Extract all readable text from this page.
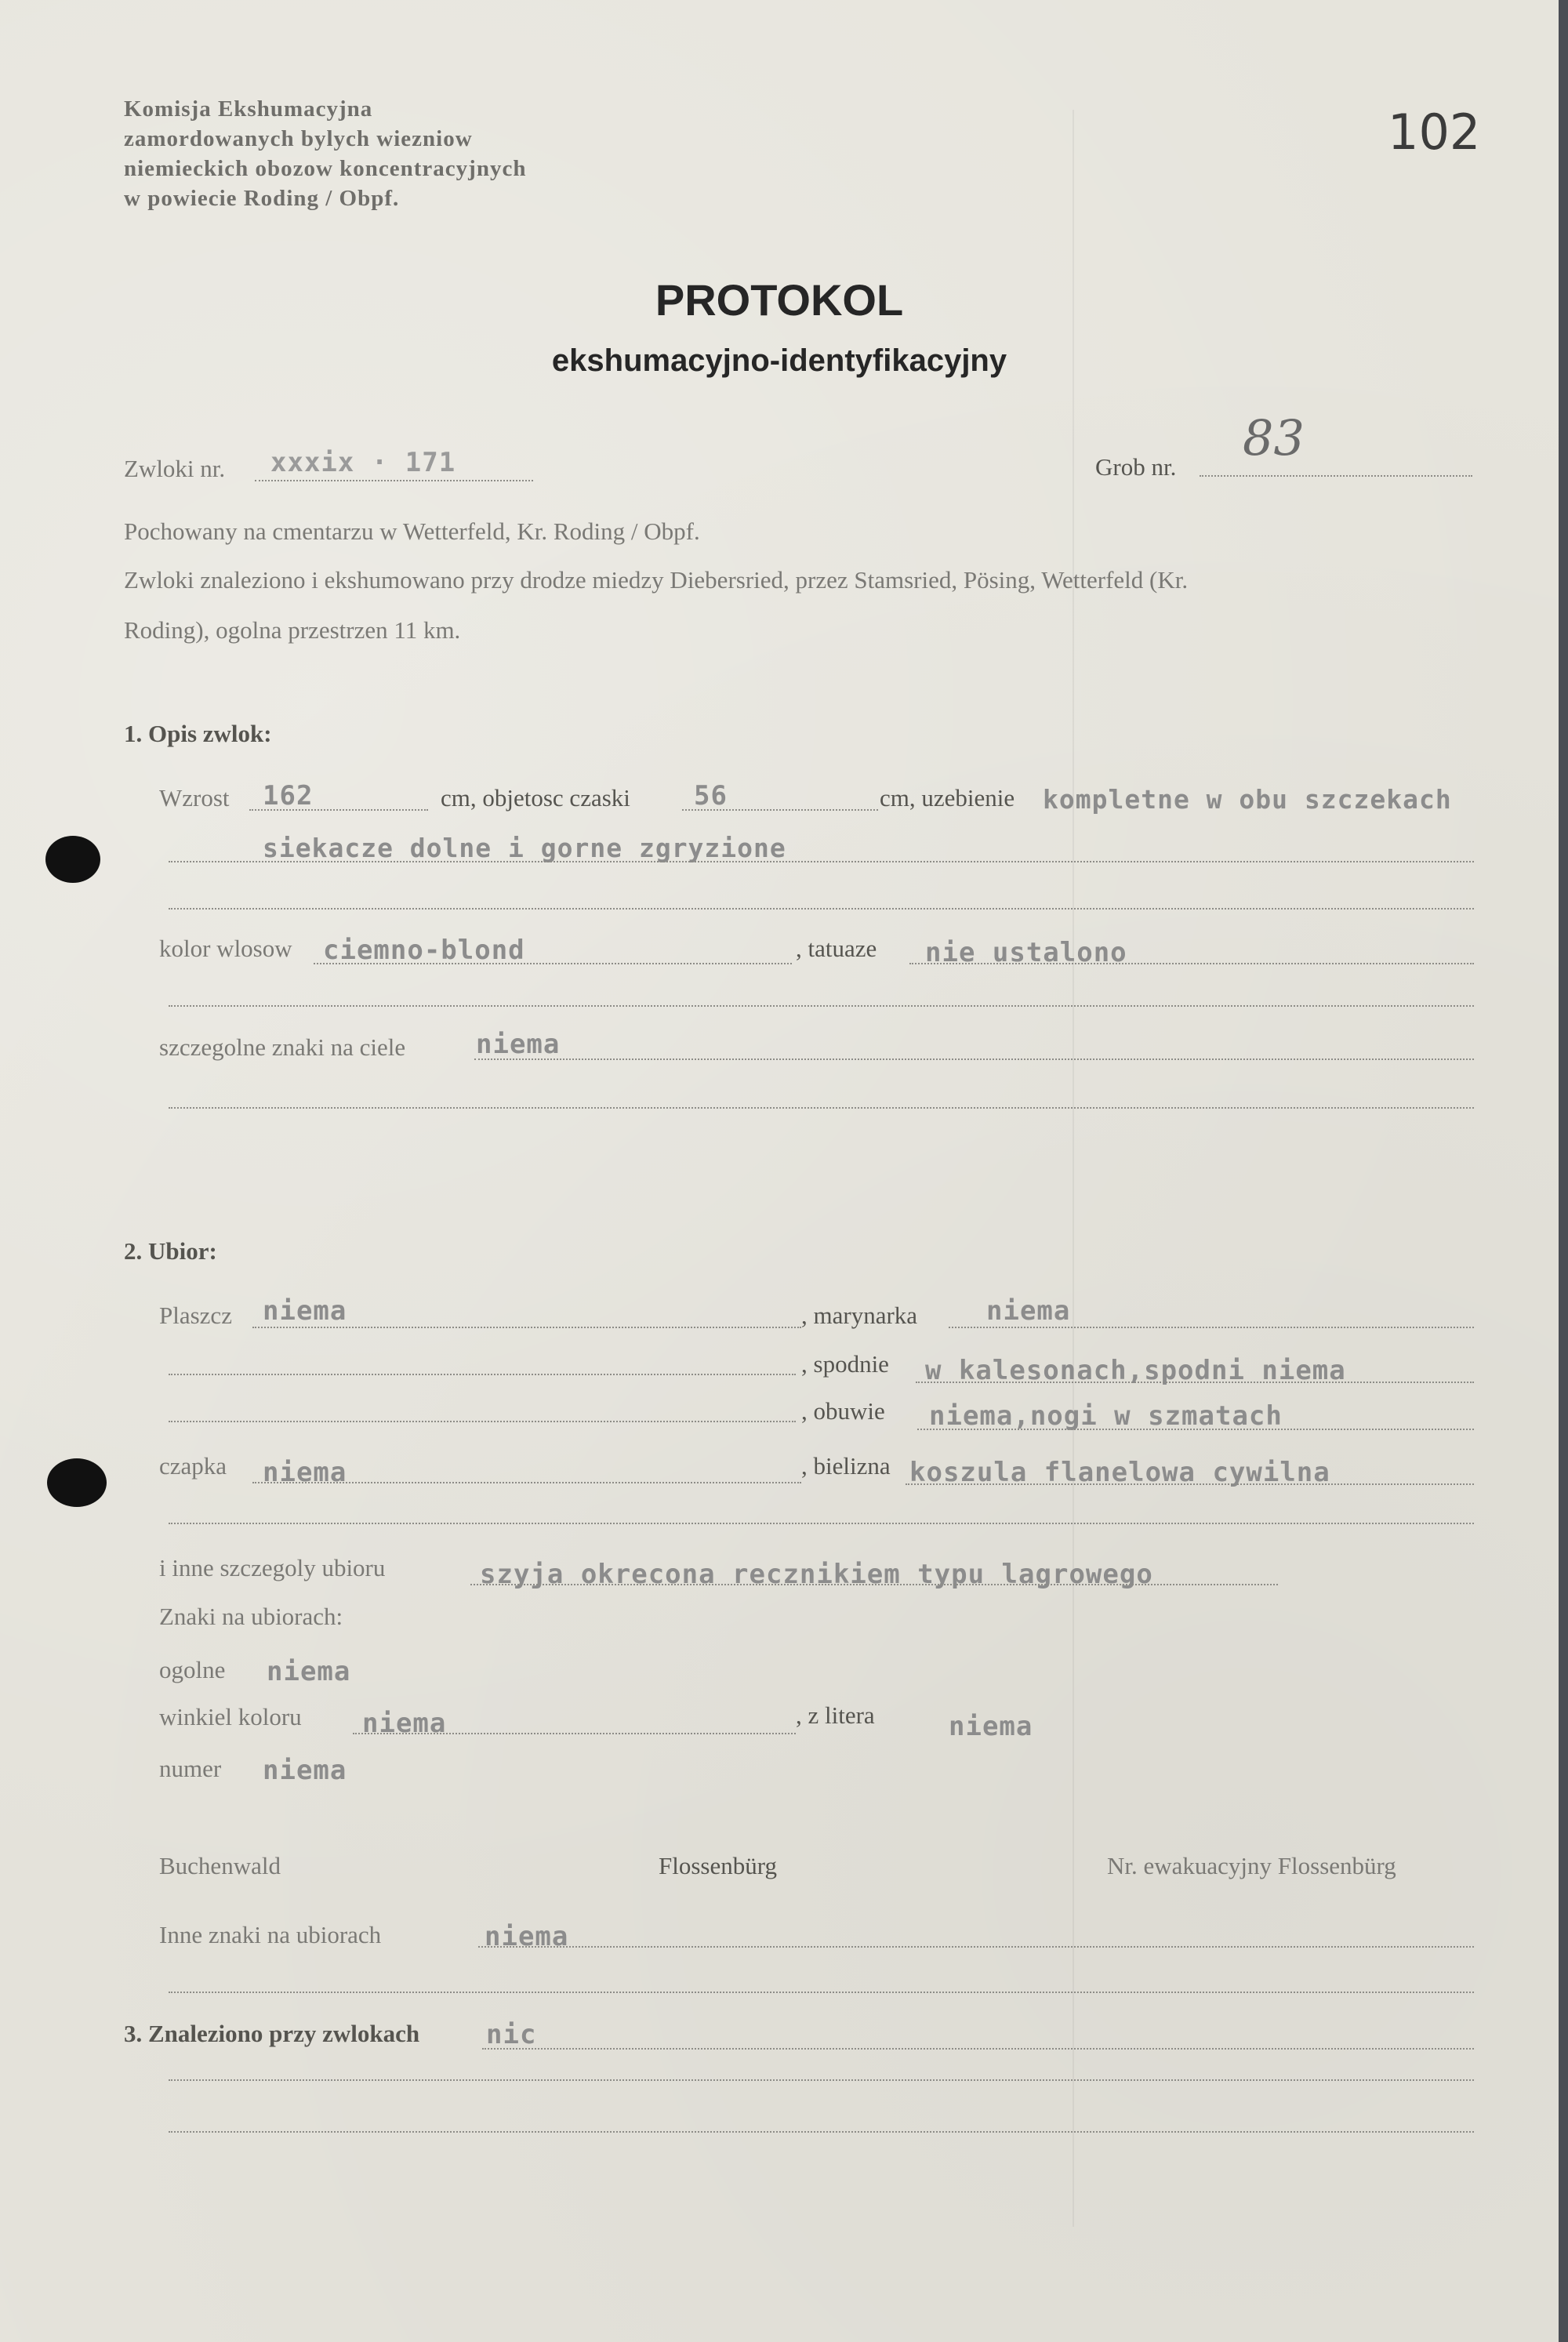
Komisja Ekshumacyjna
zamordowanych bylych wiezniow
niemieckich obozow koncentracyjnych
w powiecie Roding / Obpf.
102
PROTOKOL
ekshumacyjno-identyfikacyjny
Zwloki nr. xxxix · 171	Grob nr.
83
Pochowany na cmentarzu w Wetterfeld, Kr. Roding / Obpf.
Zwloki znaleziono i ekshumowano przy drodze miedzy Diebersried, przez Stamsried, Pösing, Wetterfeld (Kr.
Roding), ogolna przestrzen 11 km.
1. Opis zwlok:
Wzrost 162	cm, objetosc czaski 56	cm, uzebienie kompletne w obu szczekach
siekacze dolne i gorne zgryzione
kolor wlosow ciemno-blond	, tatuaze nie ustalono
szczegolne znaki na ciele	niema
2. Ubior:
Plaszcz niema	, marynarka	niema
, spodnie w kalesonach,spodni niema
, obuwie niema,nogi w szmatach
czapka niema	, bielizna koszula flanelowa cywilna
i inne szczegoly ubioru	szyja okrecona recznikiem typu lagrowego
Znaki na ubiorach:
ogolne niema
winkiel koloru niema	, z litera	niema
numer niema
Buchenwald	Flossenbürg	Nr. ewakuacyjny Flossenbürg
Inne znaki na ubiorach	niema
3. Znaleziono przy zwlokach nic
